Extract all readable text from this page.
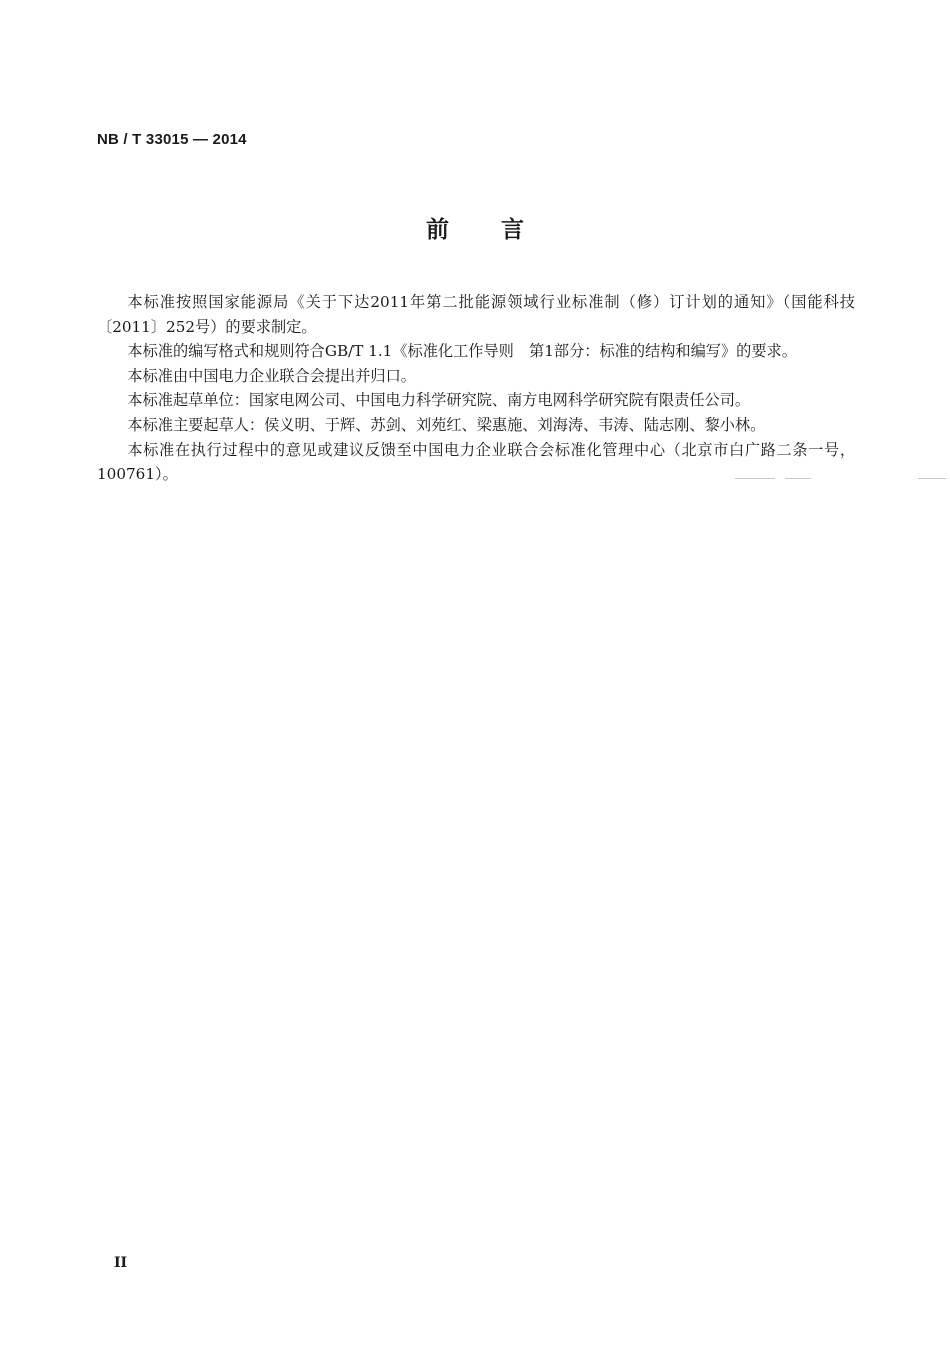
NB / T 33015 — 2014
前言

本标准按照国家能源局《关于下达2011年第二批能源领域行业标准制（修）订计划的通知》（国能科技〔2011〕252号）的要求制定。

本标准的编写格式和规则符合GB/T 1.1《标准化工作导则　第1部分：标准的结构和编写》的要求。

本标准由中国电力企业联合会提出并归口。

本标准起草单位：国家电网公司、中国电力科学研究院、南方电网科学研究院有限责任公司。

本标准主要起草人：侯义明、于辉、苏剑、刘苑红、梁惠施、刘海涛、韦涛、陆志刚、黎小林。

本标准在执行过程中的意见或建议反馈至中国电力企业联合会标准化管理中心（北京市白广路二条一号，100761）。

II
